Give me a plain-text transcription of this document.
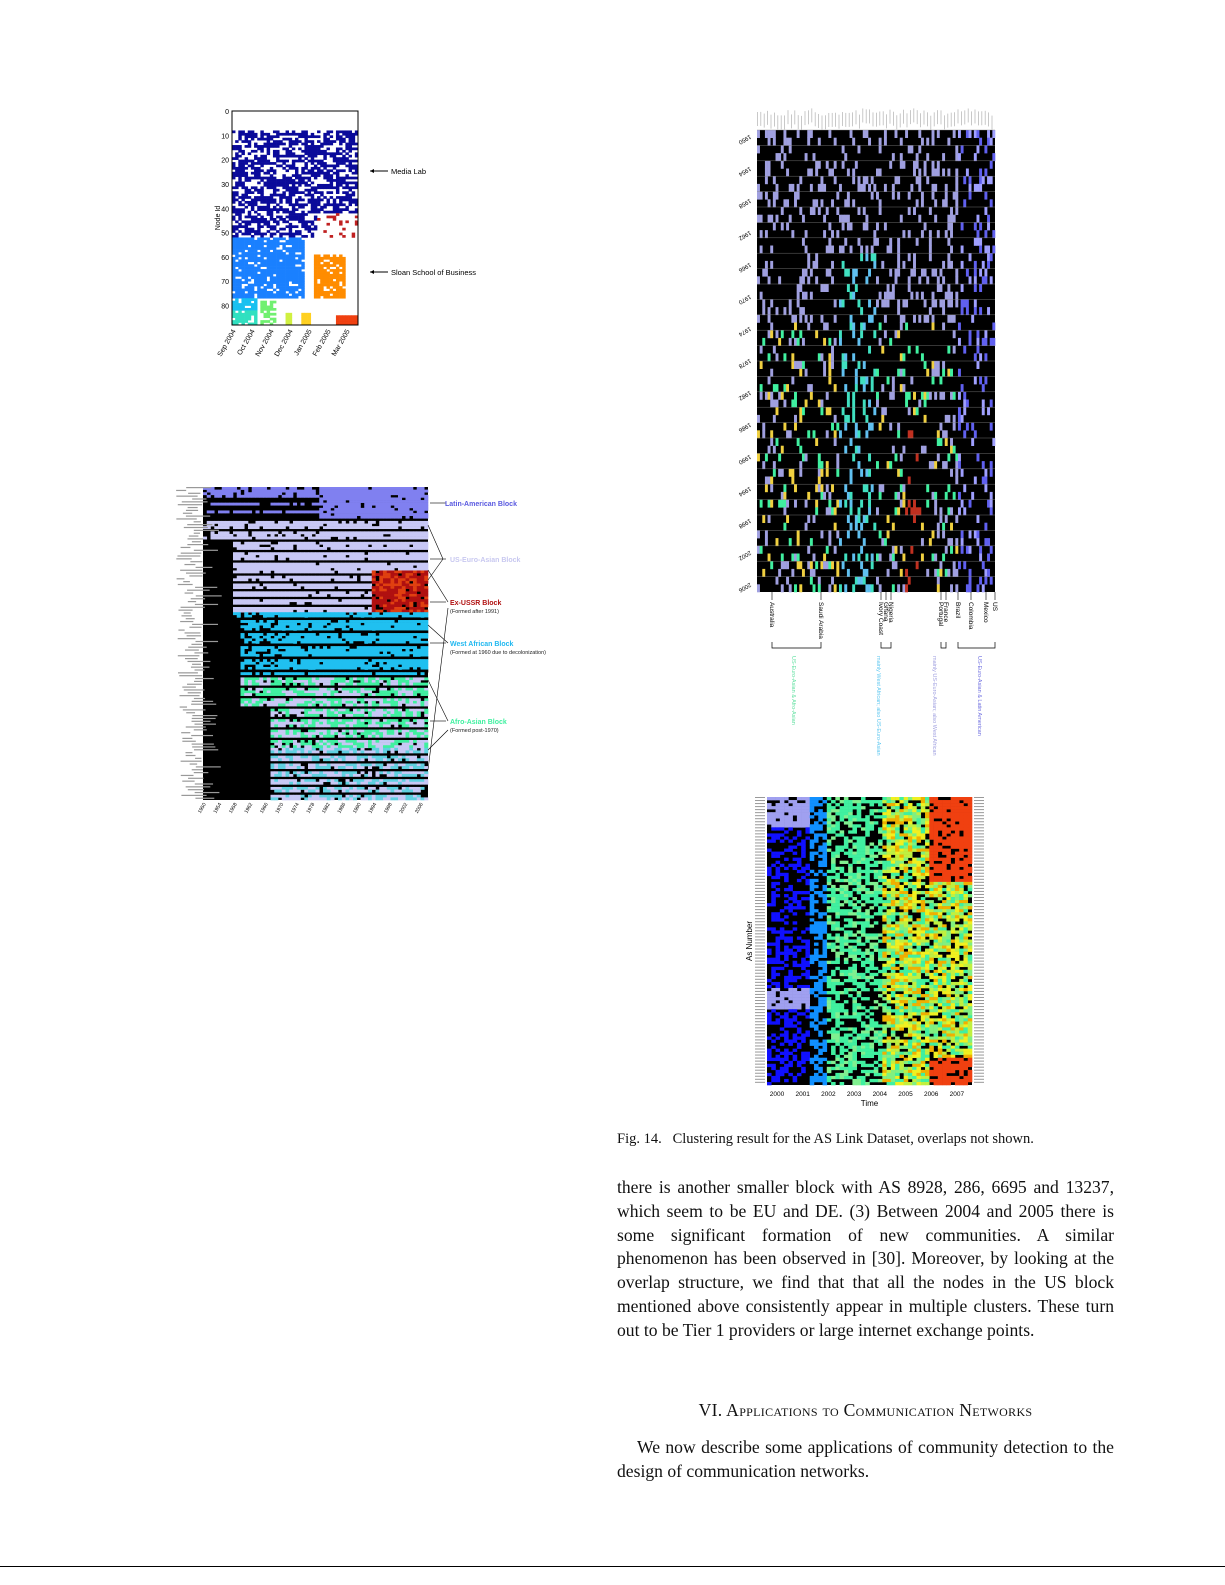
0
10
20
30
40
50
60
70
80
Node Id
Sep 2004
Oct 2004
Nov 2004
Dec 2004
Jan 2005
Feb 2005
Mar 2005
Media Lab
Sloan School of Business
1950 1954 1958 1962 1966 1970 1974 1978 1982 1986 1990 1994 1998 2002 2006
Latin-American Block
US-Euro-Asian Block
Ex-USSR Block
(Formed after 1991)
West African Block
(Formed at 1960 due to decolonization)
Afro-Asian Block
(Formed post-1970)
1950
1954
1958
1962
1966
1970
1974
1978
1982
1986
1990
1994
1998
2002
2006
Australia	Saudi Arabia	Ivory Coast
Ghana
Nigeria	France
Portugal Brazil Colombia Mexico US
US-Euro-Asian & Afro-Asian	mainly West African; also US-Euro-Asian	mainly US-Euro-Asian; also West African	US-Euro-Asian & Latin American
2000 2001 2002 2003 2004 2005 2006 2007
Time
As Number
Fig. 14.   Clustering result for the AS Link Dataset, overlaps not shown.
there is another smaller block with AS 8928, 286, 6695 and 13237, which seem to be EU and DE. (3) Between 2004 and 2005 there is some significant formation of new communities. A similar phenomenon has been observed in [30]. Moreover, by looking at the overlap structure, we find that that all the nodes in the US block mentioned above consistently appear in multiple clusters. These turn out to be Tier 1 providers or large internet exchange points.
VI. Applications to Communication Networks
We now describe some applications of community detection to the design of communication networks.
